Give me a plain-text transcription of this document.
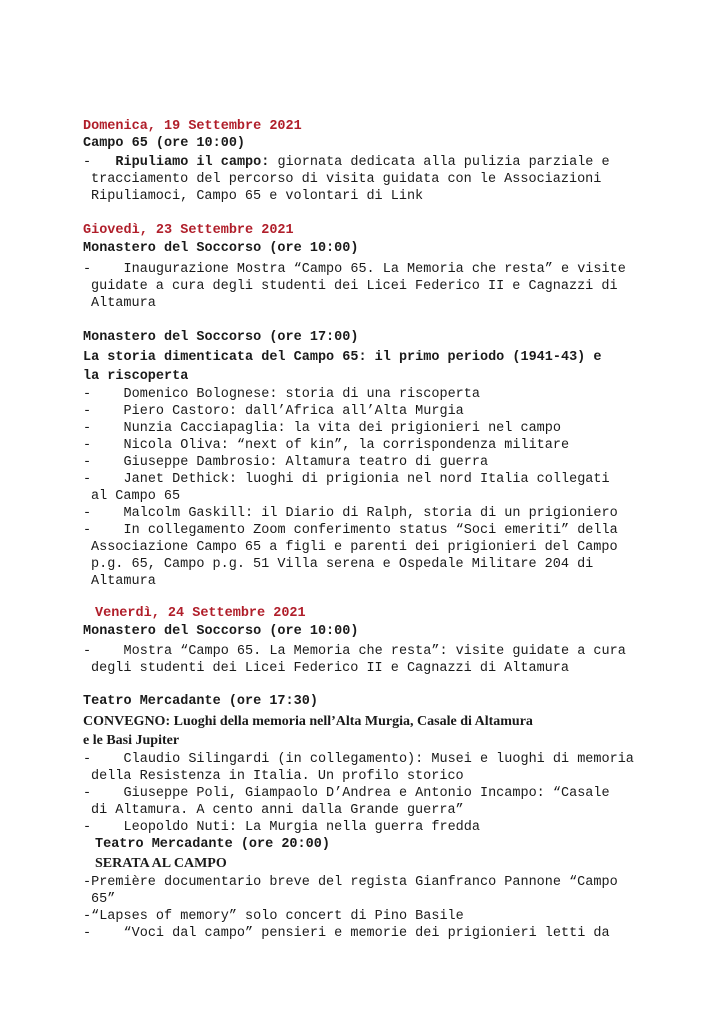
Domenica, 19 Settembre 2021
Campo 65 (ore 10:00)
- Ripuliamo il campo: giornata dedicata alla pulizia parziale e
tracciamento del percorso di visita guidata con le Associazioni
Ripuliamoci, Campo 65 e volontari di Link
Giovedì, 23 Settembre 2021
Monastero del Soccorso (ore 10:00)
- Inaugurazione Mostra “Campo 65. La Memoria che resta” e visite
guidate a cura degli studenti dei Licei Federico II e Cagnazzi di
Altamura
Monastero del Soccorso (ore 17:00)
La storia dimenticata del Campo 65: il primo periodo (1941-43) e
la riscoperta
- Domenico Bolognese: storia di una riscoperta
- Piero Castoro: dall’Africa all’Alta Murgia
- Nunzia Cacciapaglia: la vita dei prigionieri nel campo
- Nicola Oliva: “next of kin”, la corrispondenza militare
- Giuseppe Dambrosio: Altamura teatro di guerra
- Janet Dethick: luoghi di prigionia nel nord Italia collegati
al Campo 65
- Malcolm Gaskill: il Diario di Ralph, storia di un prigioniero
- In collegamento Zoom conferimento status “Soci emeriti” della
Associazione Campo 65 a figli e parenti dei prigionieri del Campo
p.g. 65, Campo p.g. 51 Villa serena e Ospedale Militare 204 di
Altamura
Venerdì, 24 Settembre 2021
Monastero del Soccorso (ore 10:00)
- Mostra “Campo 65. La Memoria che resta”: visite guidate a cura
degli studenti dei Licei Federico II e Cagnazzi di Altamura
Teatro Mercadante (ore 17:30)
CONVEGNO: Luoghi della memoria nell’Alta Murgia, Casale di Altamura
e le Basi Jupiter
- Claudio Silingardi (in collegamento): Musei e luoghi di memoria
della Resistenza in Italia. Un profilo storico
- Giuseppe Poli, Giampaolo D’Andrea e Antonio Incampo: “Casale
di Altamura. A cento anni dalla Grande guerra”
- Leopoldo Nuti: La Murgia nella guerra fredda
Teatro Mercadante (ore 20:00)
SERATA AL CAMPO
-Première documentario breve del regista Gianfranco Pannone “Campo
65”
-“Lapses of memory” solo concert di Pino Basile
- “Voci dal campo” pensieri e memorie dei prigionieri letti da
